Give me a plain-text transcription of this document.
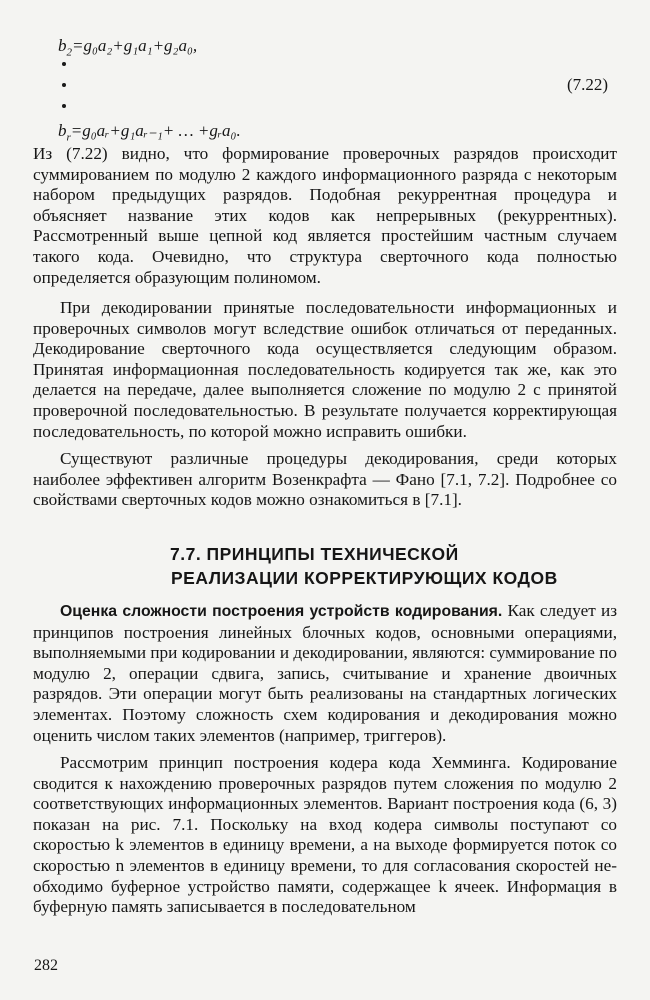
$b_2=g_0a_2+g_1a_1+g_2a_0$,
(7.22)
$b_r=g_0aᵣ+g_1aᵣ_{-1}+$ … +gᵣa₀.

Из (7.22) видно, что формирование проверочных разрядов происходит суммированием по модулю 2 каждого информационного разряда с некоторым набором предыдущих разрядов. Подобная рекуррентная процедура и объясняет название этих кодов как непрерывных (рекуррентных). Рассмотренный выше цепной код является простейшим частным случаем такого кода. Очевидно, что структура сверточного кода полностью определяется образующим полиномом.

При декодировании принятые последовательности информационных и проверочных символов могут вследствие ошибок отличаться от переданных. Декодирование сверточного кода осуществляется следующим образом. Принятая информационная последовательность кодируется так же, как это делается на передаче, далее выполняется сложение по модулю 2 с принятой проверочной последовательностью. В результате получается корректирующая последовательность, по которой можно исправить ошибки.

Существуют различные процедуры декодирования, среди которых наиболее эффективен алгоритм Возенкрафта — Фано [7.1, 7.2]. Подробнее со свойствами сверточных кодов можно ознакомиться в [7.1].

7.7. ПРИНЦИПЫ ТЕХНИЧЕСКОЙ
РЕАЛИЗАЦИИ КОРРЕКТИРУЮЩИХ КОДОВ

Оценка сложности построения устройств кодирования. Как следует из принципов построения линейных блочных кодов, основными операциями, выполняемыми при кодировании и декодировании, являются: суммирование по модулю 2, операции сдвига, запись, считывание и хранение двоичных разрядов. Эти операции могут быть реализованы на стандартных логических элементах. Поэтому сложность схем кодирования и декодирования можно оценить числом таких элементов (например, триггеров).

Рассмотрим принцип построения кодера кода Хемминга. Кодирование сводится к нахождению проверочных разрядов путем сложения по модулю 2 соответствующих информационных элементов. Вариант построения кода (6, 3) показан на рис. 7.1. Поскольку на вход кодера символы поступают со скоростью k элементов в единицу времени, а на выходе формируется поток со скоростью n элементов в единицу времени, то для согласования скоростей необходимо буферное устройство памяти, содержащее k ячеек. Информация в буферную память записывается в последовательном

282
